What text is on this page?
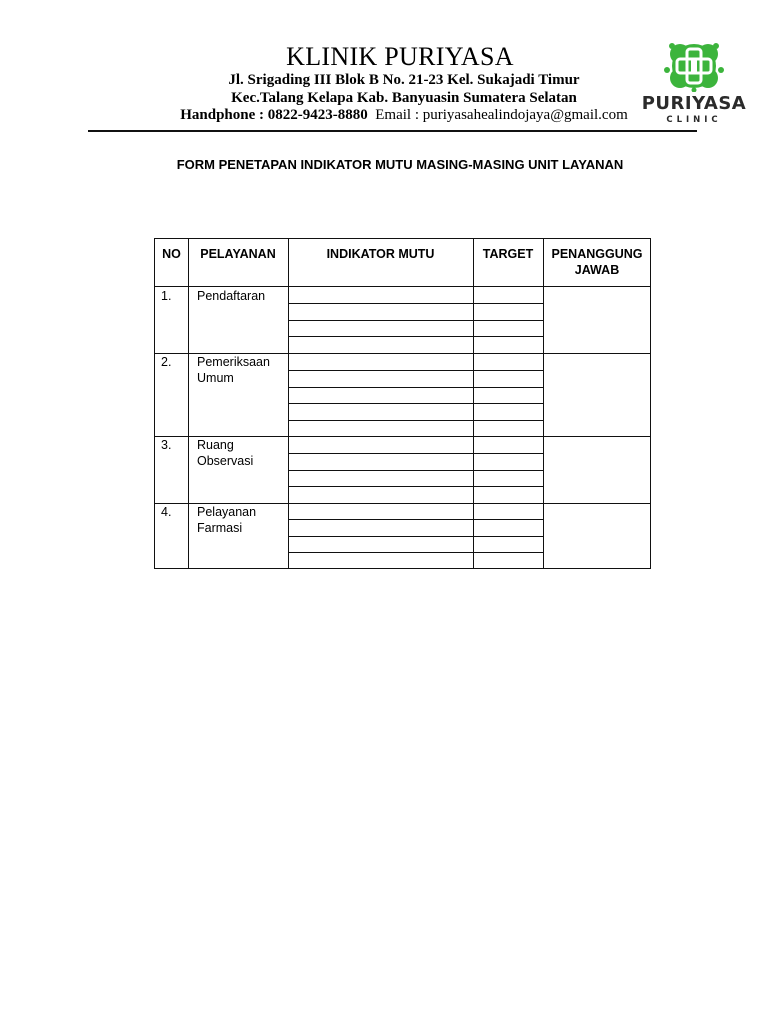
KLINIK PURIYASA
Jl. Srigading III Blok B No. 21-23 Kel. Sukajadi Timur
Kec.Talang Kelapa Kab. Banyuasin Sumatera Selatan
Handphone : 0822-9423-8880 Email : puriyasahealindojaya@gmail.com
PURIYASA
CLINIC
FORM PENETAPAN INDIKATOR MUTU MASING-MASING UNIT LAYANAN
NO	PELAYANAN	INDIKATOR MUTU	TARGET	PENANGGUNG
JAWAB
1. Pendaftaran
2. Pemeriksaan
Umum
3. Ruang
Observasi
4. Pelayanan
Farmasi
